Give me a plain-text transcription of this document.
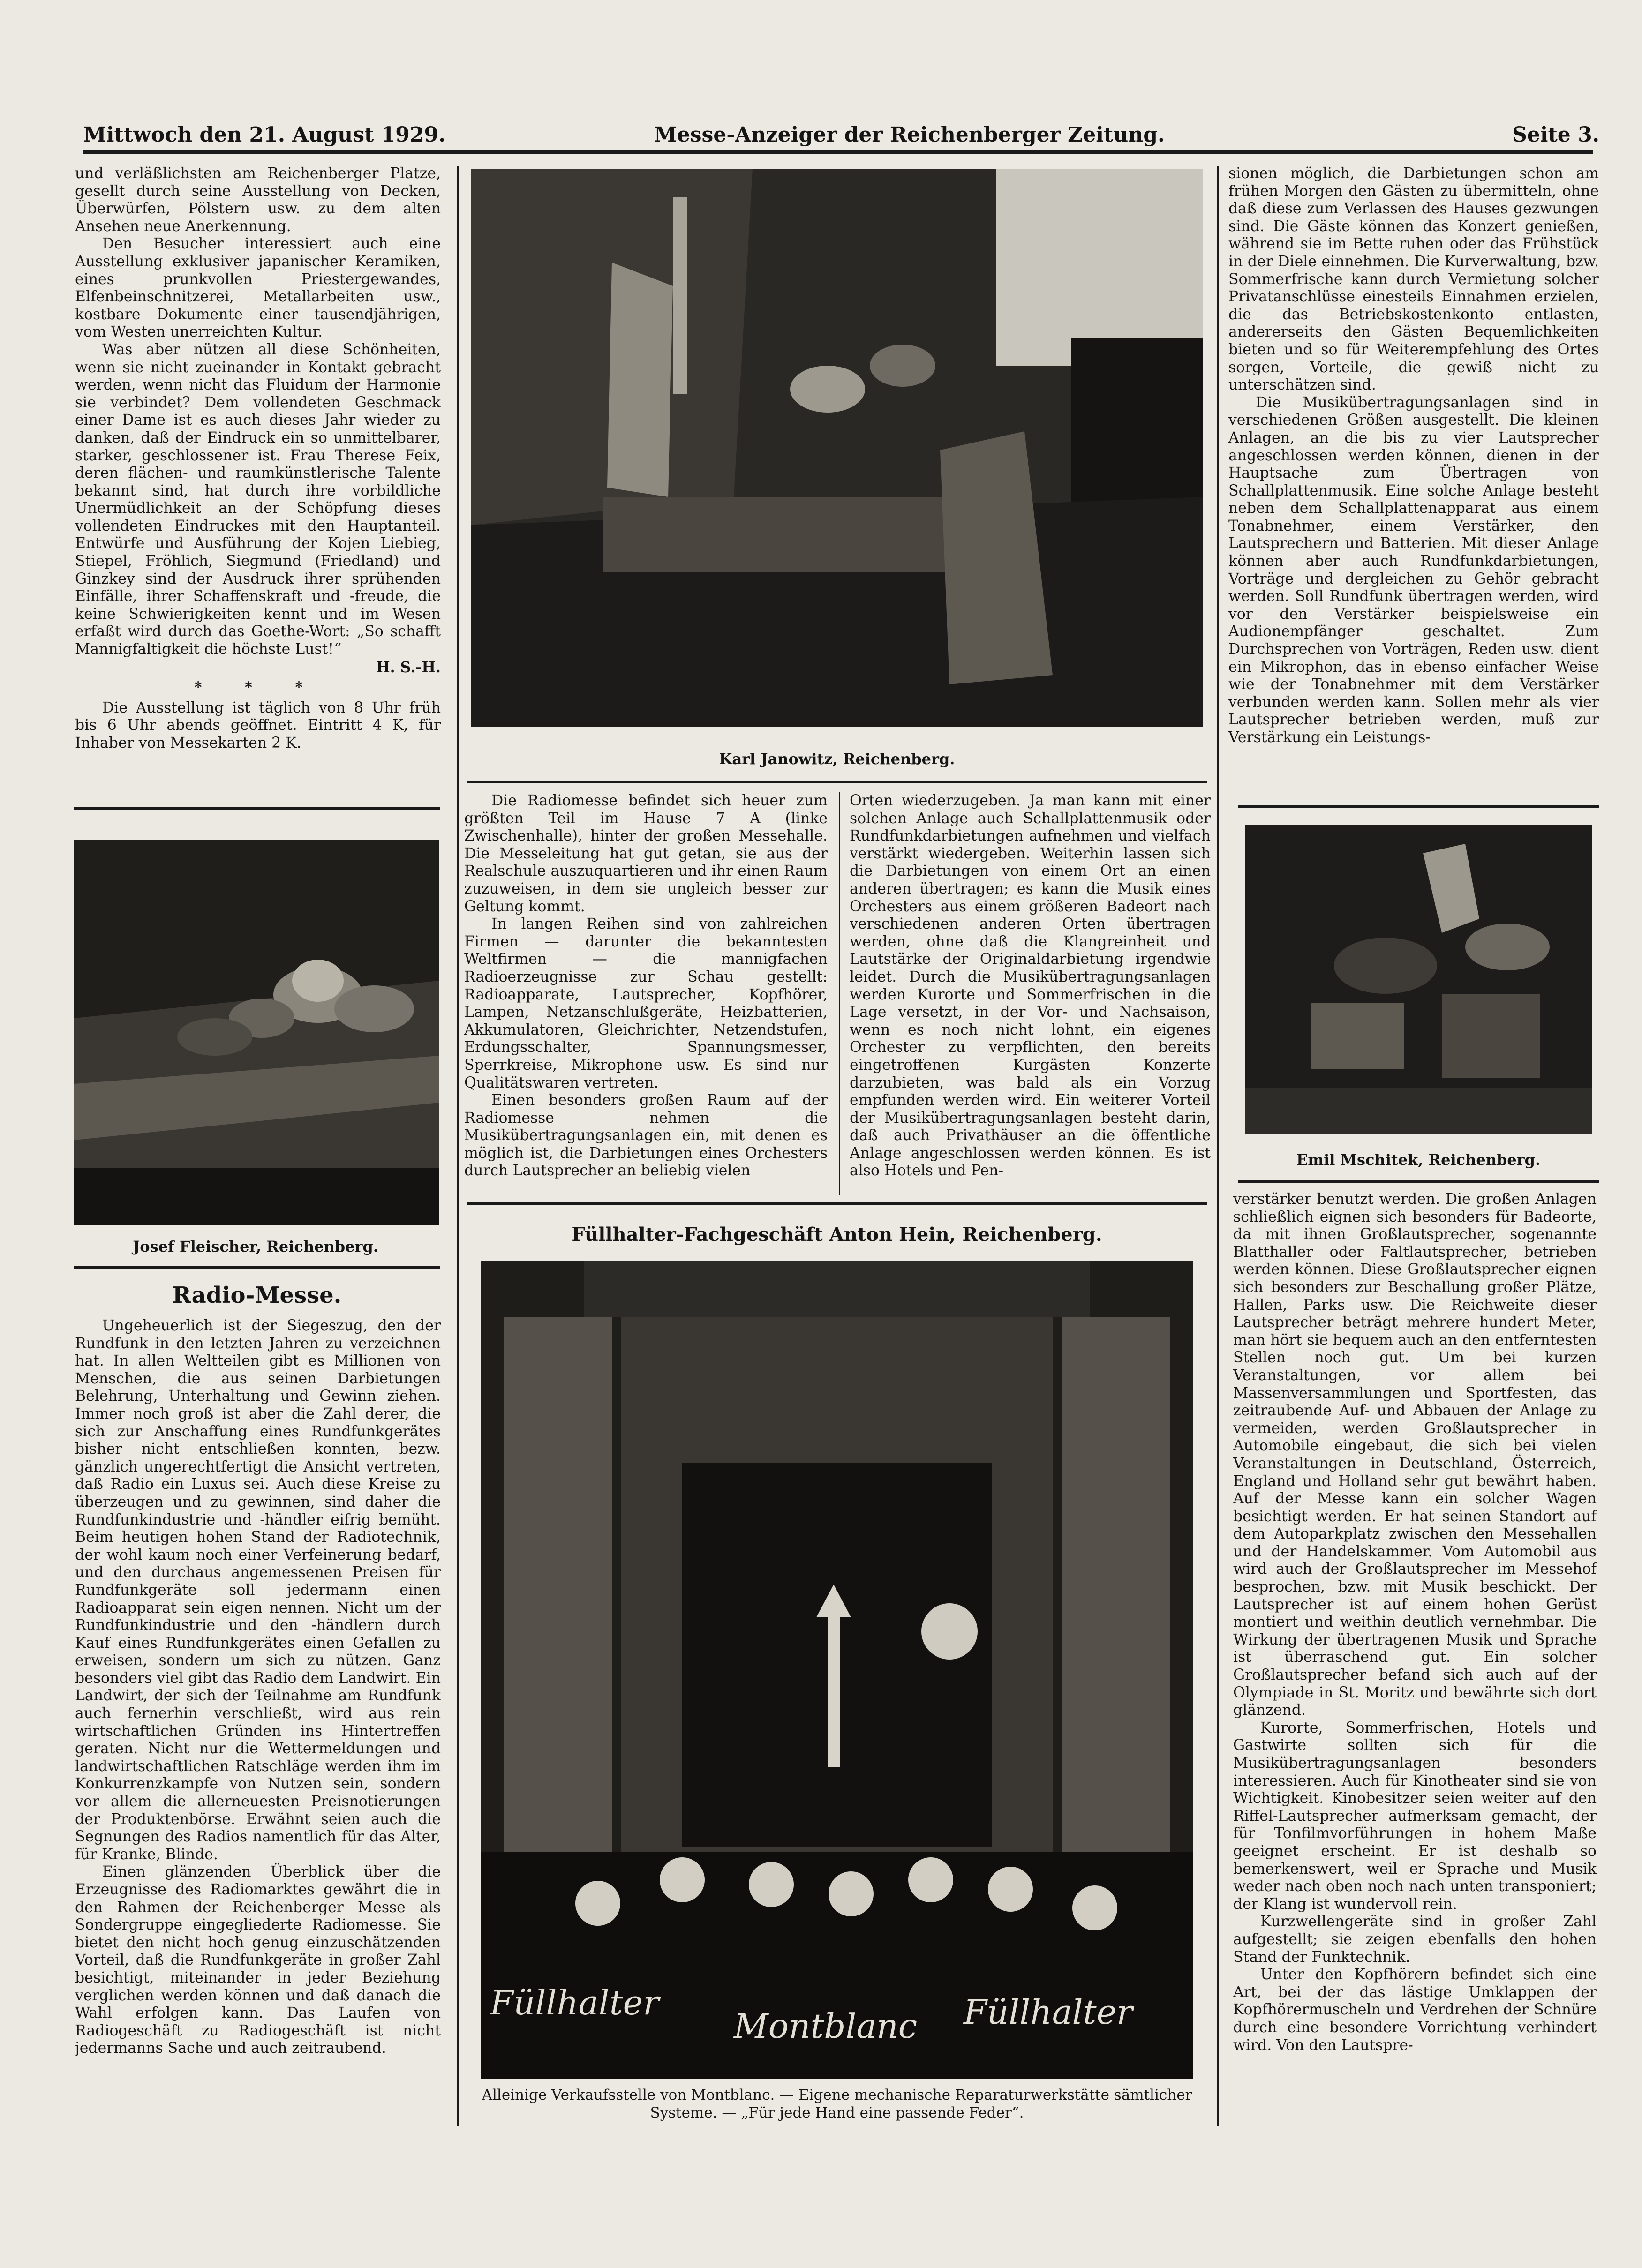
Mittwoch den 21. August 1929.	Messe-Anzeiger der Reichenberger Zeitung.	Seite 3.

und verläßlichsten am Reichenberger Platze, gesellt durch seine Ausstellung von Decken, Überwürfen, Pölstern usw. zu dem alten Ansehen neue Anerkennung.

Den Besucher interessiert auch eine Ausstellung exklusiver japanischer Keramiken, eines prunkvollen Priestergewandes, Elfenbeinschnitzerei, Metallarbeiten usw., kostbare Dokumente einer tausendjährigen, vom Westen unerreichten Kultur.

Was aber nützen all diese Schönheiten, wenn sie nicht zueinander in Kontakt gebracht werden, wenn nicht das Fluidum der Harmonie sie verbindet? Dem vollendeten Geschmack einer Dame ist es auch dieses Jahr wieder zu danken, daß der Eindruck ein so unmittelbarer, starker, geschlossener ist. Frau Therese Feix, deren flächen- und raumkünstlerische Talente bekannt sind, hat durch ihre vorbildliche Unermüdlichkeit an der Schöpfung dieses vollendeten Eindruckes mit den Hauptanteil. Entwürfe und Ausführung der Kojen Liebieg, Stiepel, Fröhlich, Siegmund (Friedland) und Ginzkey sind der Ausdruck ihrer sprühenden Einfälle, ihrer Schaffenskraft und -freude, die keine Schwierigkeiten kennt und im Wesen erfaßt wird durch das Goethe-Wort: „So schafft Mannigfaltigkeit die höchste Lust!“

H. S.-H.
* * *

Die Ausstellung ist täglich von 8 Uhr früh bis 6 Uhr abends geöffnet. Eintritt 4 K, für Inhaber von Messekarten 2 K.

Josef Fleischer, Reichenberg.
Radio-Messe.

Ungeheuerlich ist der Siegeszug, den der Rundfunk in den letzten Jahren zu verzeichnen hat. In allen Weltteilen gibt es Millionen von Menschen, die aus seinen Darbietungen Belehrung, Unterhaltung und Gewinn ziehen. Immer noch groß ist aber die Zahl derer, die sich zur Anschaffung eines Rundfunkgerätes bisher nicht entschließen konnten, bezw. gänzlich ungerechtfertigt die Ansicht vertreten, daß Radio ein Luxus sei. Auch diese Kreise zu überzeugen und zu gewinnen, sind daher die Rundfunkindustrie und -händler eifrig bemüht. Beim heutigen hohen Stand der Radiotechnik, der wohl kaum noch einer Verfeinerung bedarf, und den durchaus angemessenen Preisen für Rundfunkgeräte soll jedermann einen Radioapparat sein eigen nennen. Nicht um der Rundfunkindustrie und den -händlern durch Kauf eines Rundfunkgerätes einen Gefallen zu erweisen, sondern um sich zu nützen. Ganz besonders viel gibt das Radio dem Landwirt. Ein Landwirt, der sich der Teilnahme am Rundfunk auch fernerhin verschließt, wird aus rein wirtschaftlichen Gründen ins Hintertreffen geraten. Nicht nur die Wettermeldungen und landwirtschaftlichen Ratschläge werden ihm im Konkurrenzkampfe von Nutzen sein, sondern vor allem die allerneuesten Preisnotierungen der Produktenbörse. Erwähnt seien auch die Segnungen des Radios namentlich für das Alter, für Kranke, Blinde.

Einen glänzenden Überblick über die Erzeugnisse des Radiomarktes gewährt die in den Rahmen der Reichenberger Messe als Sondergruppe eingegliederte Radiomesse. Sie bietet den nicht hoch genug einzuschätzenden Vorteil, daß die Rundfunkgeräte in großer Zahl besichtigt, miteinander in jeder Beziehung verglichen werden können und daß danach die Wahl erfolgen kann. Das Laufen von Radiogeschäft zu Radiogeschäft ist nicht jedermanns Sache und auch zeitraubend.

Karl Janowitz, Reichenberg.

Die Radiomesse befindet sich heuer zum größten Teil im Hause 7 A (linke Zwischenhalle), hinter der großen Messehalle. Die Messeleitung hat gut getan, sie aus der Realschule auszuquartieren und ihr einen Raum zuzuweisen, in dem sie ungleich besser zur Geltung kommt.

In langen Reihen sind von zahlreichen Firmen — darunter die bekanntesten Weltfirmen — die mannigfachen Radioerzeugnisse zur Schau gestellt: Radioapparate, Lautsprecher, Kopfhörer, Lampen, Netzanschlußgeräte, Heizbatterien, Akkumulatoren, Gleichrichter, Netzendstufen, Erdungsschalter, Spannungsmesser, Sperrkreise, Mikrophone usw. Es sind nur Qualitätswaren vertreten.

Einen besonders großen Raum auf der Radiomesse nehmen die Musikübertragungsanlagen ein, mit denen es möglich ist, die Darbietungen eines Orchesters durch Lautsprecher an beliebig vielen

Orten wiederzugeben. Ja man kann mit einer solchen Anlage auch Schallplattenmusik oder Rundfunkdarbietungen aufnehmen und vielfach verstärkt wiedergeben. Weiterhin lassen sich die Darbietungen von einem Ort an einen anderen übertragen; es kann die Musik eines Orchesters aus einem größeren Badeort nach verschiedenen anderen Orten übertragen werden, ohne daß die Klangreinheit und Lautstärke der Originaldarbietung irgendwie leidet. Durch die Musikübertragungsanlagen werden Kurorte und Sommerfrischen in die Lage versetzt, in der Vor- und Nachsaison, wenn es noch nicht lohnt, ein eigenes Orchester zu verpflichten, den bereits eingetroffenen Kurgästen Konzerte darzubieten, was bald als ein Vorzug empfunden werden wird. Ein weiterer Vorteil der Musikübertragungsanlagen besteht darin, daß auch Privathäuser an die öffentliche Anlage angeschlossen werden können. Es ist also Hotels und Pen-

Füllhalter-Fachgeschäft Anton Hein, Reichenberg.
Füllhalter
Montblanc Füllhalter
Alleinige Verkaufsstelle von Montblanc. — Eigene mechanische Reparaturwerkstätte sämtlicher Systeme. — „Für jede Hand eine passende Feder“.

sionen möglich, die Darbietungen schon am frühen Morgen den Gästen zu übermitteln, ohne daß diese zum Verlassen des Hauses gezwungen sind. Die Gäste können das Konzert genießen, während sie im Bette ruhen oder das Frühstück in der Diele einnehmen. Die Kurverwaltung, bzw. Sommerfrische kann durch Vermietung solcher Privatanschlüsse einesteils Einnahmen erzielen, die das Betriebskostenkonto entlasten, andererseits den Gästen Bequemlichkeiten bieten und so für Weiterempfehlung des Ortes sorgen, Vorteile, die gewiß nicht zu unterschätzen sind.

Die Musikübertragungsanlagen sind in verschiedenen Größen ausgestellt. Die kleinen Anlagen, an die bis zu vier Lautsprecher angeschlossen werden können, dienen in der Hauptsache zum Übertragen von Schallplattenmusik. Eine solche Anlage besteht neben dem Schallplattenapparat aus einem Tonabnehmer, einem Verstärker, den Lautsprechern und Batterien. Mit dieser Anlage können aber auch Rundfunkdarbietungen, Vorträge und dergleichen zu Gehör gebracht werden. Soll Rundfunk übertragen werden, wird vor den Verstärker beispielsweise ein Audionempfänger geschaltet. Zum Durchsprechen von Vorträgen, Reden usw. dient ein Mikrophon, das in ebenso einfacher Weise wie der Tonabnehmer mit dem Verstärker verbunden werden kann. Sollen mehr als vier Lautsprecher betrieben werden, muß zur Verstärkung ein Leistungs-

Emil Mschitek, Reichenberg.

verstärker benutzt werden. Die großen Anlagen schließlich eignen sich besonders für Badeorte, da mit ihnen Großlautsprecher, sogenannte Blatthaller oder Faltlautsprecher, betrieben werden können. Diese Großlautsprecher eignen sich besonders zur Beschallung großer Plätze, Hallen, Parks usw. Die Reichweite dieser Lautsprecher beträgt mehrere hundert Meter, man hört sie bequem auch an den entferntesten Stellen noch gut. Um bei kurzen Veranstaltungen, vor allem bei Massenversammlungen und Sportfesten, das zeitraubende Auf- und Abbauen der Anlage zu vermeiden, werden Großlautsprecher in Automobile eingebaut, die sich bei vielen Veranstaltungen in Deutschland, Österreich, England und Holland sehr gut bewährt haben. Auf der Messe kann ein solcher Wagen besichtigt werden. Er hat seinen Standort auf dem Autoparkplatz zwischen den Messehallen und der Handelskammer. Vom Automobil aus wird auch der Großlautsprecher im Messehof besprochen, bzw. mit Musik beschickt. Der Lautsprecher ist auf einem hohen Gerüst montiert und weithin deutlich vernehmbar. Die Wirkung der übertragenen Musik und Sprache ist überraschend gut. Ein solcher Großlautsprecher befand sich auch auf der Olympiade in St. Moritz und bewährte sich dort glänzend.

Kurorte, Sommerfrischen, Hotels und Gastwirte sollten sich für die Musikübertragungsanlagen besonders interessieren. Auch für Kinotheater sind sie von Wichtigkeit. Kinobesitzer seien weiter auf den Riffel-Lautsprecher aufmerksam gemacht, der für Tonfilmvorführungen in hohem Maße geeignet erscheint. Er ist deshalb so bemerkenswert, weil er Sprache und Musik weder nach oben noch nach unten transponiert; der Klang ist wundervoll rein.

Kurzwellengeräte sind in großer Zahl aufgestellt; sie zeigen ebenfalls den hohen Stand der Funktechnik.

Unter den Kopfhörern befindet sich eine Art, bei der das lästige Umklappen der Kopfhörermuscheln und Verdrehen der Schnüre durch eine besondere Vorrichtung verhindert wird. Von den Lautspre-
